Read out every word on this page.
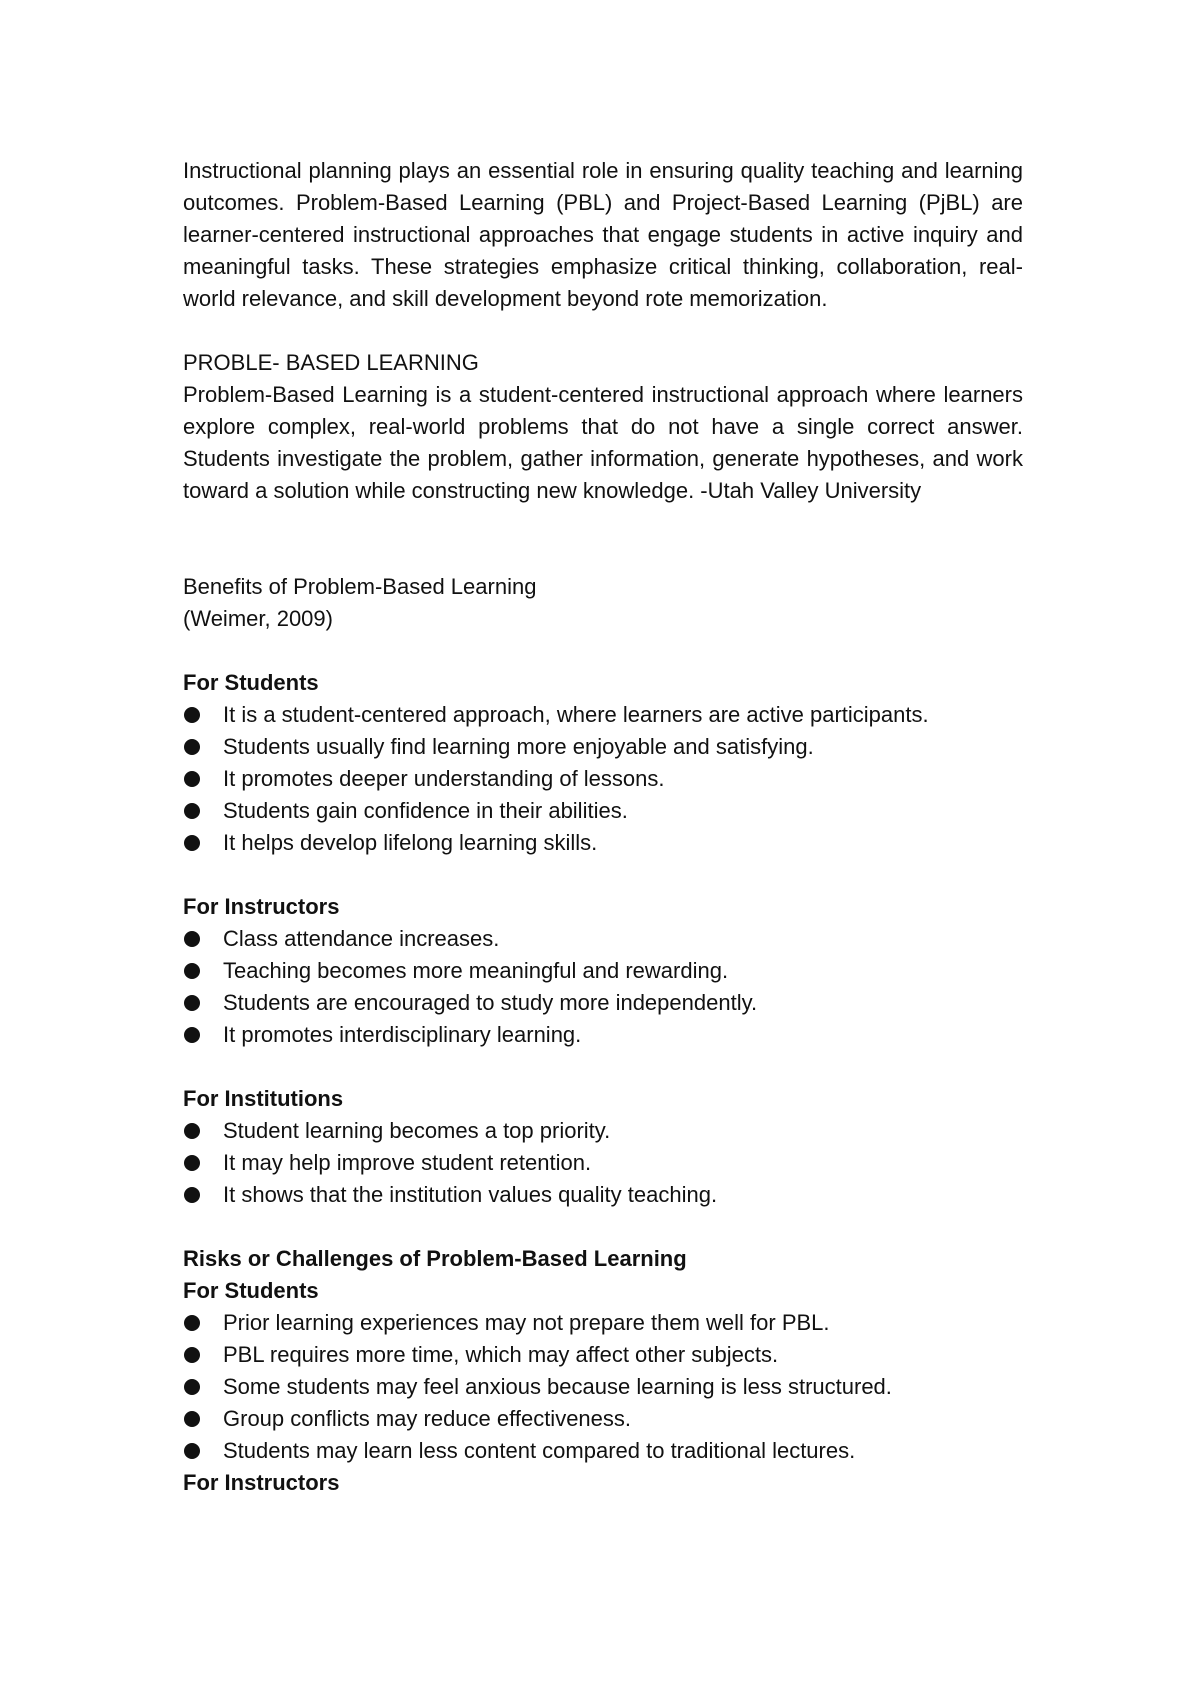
Instructional planning plays an essential role in ensuring quality teaching and learning outcomes. Problem-Based Learning (PBL) and Project-Based Learning (PjBL) are learner-centered instructional approaches that engage students in active inquiry and meaningful tasks. These strategies emphasize critical thinking, collaboration, real-world relevance, and skill development beyond rote memorization.

PROBLE- BASED LEARNING

Problem-Based Learning is a student-centered instructional approach where learners explore complex, real-world problems that do not have a single correct answer. Students investigate the problem, gather information, generate hypotheses, and work toward a solution while constructing new knowledge. -Utah Valley University

Benefits of Problem-Based Learning

(Weimer, 2009)

For Students

It is a student-centered approach, where learners are active participants.
Students usually find learning more enjoyable and satisfying.
It promotes deeper understanding of lessons.
Students gain confidence in their abilities.
It helps develop lifelong learning skills.

For Instructors

Class attendance increases.
Teaching becomes more meaningful and rewarding.
Students are encouraged to study more independently.
It promotes interdisciplinary learning.

For Institutions

Student learning becomes a top priority.
It may help improve student retention.
It shows that the institution values quality teaching.

Risks or Challenges of Problem-Based Learning

For Students

Prior learning experiences may not prepare them well for PBL.
PBL requires more time, which may affect other subjects.
Some students may feel anxious because learning is less structured.
Group conflicts may reduce effectiveness.
Students may learn less content compared to traditional lectures.

For Instructors
